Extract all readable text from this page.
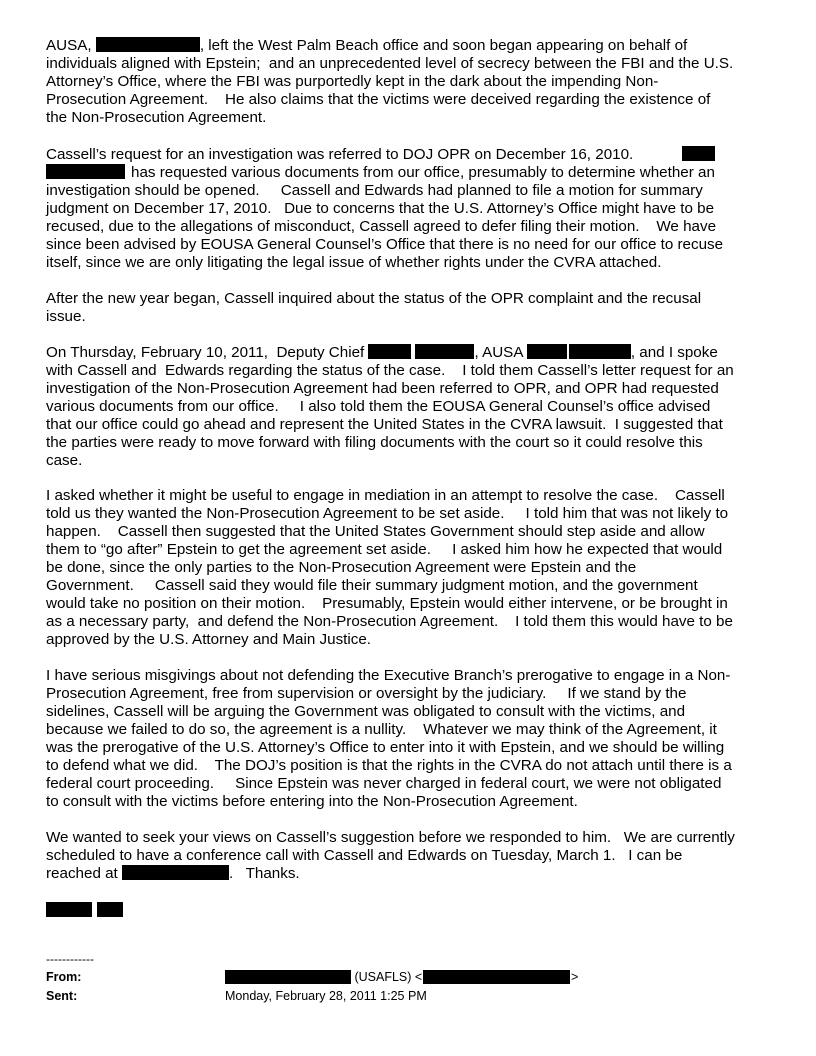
AUSA,	, left the West Palm Beach office and soon began appearing on behalf of
individuals aligned with Epstein;  and an unprecedented level of secrecy between the FBI and the U.S.
Attorney’s Office, where the FBI was purportedly kept in the dark about the impending Non-
Prosecution Agreement.    He also claims that the victims were deceived regarding the existence of
the Non-Prosecution Agreement.
Cassell’s request for an investigation was referred to DOJ OPR on December 16, 2010.
has requested various documents from our office, presumably to determine whether an
investigation should be opened.     Cassell and Edwards had planned to file a motion for summary
judgment on December 17, 2010.   Due to concerns that the U.S. Attorney’s Office might have to be
recused, due to the allegations of misconduct, Cassell agreed to defer filing their motion.    We have
since been advised by EOUSA General Counsel’s Office that there is no need for our office to recuse
itself, since we are only litigating the legal issue of whether rights under the CVRA attached.
After the new year began, Cassell inquired about the status of the OPR complaint and the recusal
issue.
On Thursday, February 10, 2011,  Deputy Chief	, AUSA	, and I spoke
with Cassell and  Edwards regarding the status of the case.    I told them Cassell’s letter request for an
investigation of the Non-Prosecution Agreement had been referred to OPR, and OPR had requested
various documents from our office.     I also told them the EOUSA General Counsel’s office advised
that our office could go ahead and represent the United States in the CVRA lawsuit.  I suggested that
the parties were ready to move forward with filing documents with the court so it could resolve this
case.
I asked whether it might be useful to engage in mediation in an attempt to resolve the case.    Cassell
told us they wanted the Non-Prosecution Agreement to be set aside.     I told him that was not likely to
happen.    Cassell then suggested that the United States Government should step aside and allow
them to “go after” Epstein to get the agreement set aside.     I asked him how he expected that would
be done, since the only parties to the Non-Prosecution Agreement were Epstein and the
Government.     Cassell said they would file their summary judgment motion, and the government
would take no position on their motion.    Presumably, Epstein would either intervene, or be brought in
as a necessary party,  and defend the Non-Prosecution Agreement.    I told them this would have to be
approved by the U.S. Attorney and Main Justice.
I have serious misgivings about not defending the Executive Branch’s prerogative to engage in a Non-
Prosecution Agreement, free from supervision or oversight by the judiciary.     If we stand by the
sidelines, Cassell will be arguing the Government was obligated to consult with the victims, and
because we failed to do so, the agreement is a nullity.    Whatever we may think of the Agreement, it
was the prerogative of the U.S. Attorney’s Office to enter into it with Epstein, and we should be willing
to defend what we did.    The DOJ’s position is that the rights in the CVRA do not attach until there is a
federal court proceeding.     Since Epstein was never charged in federal court, we were not obligated
to consult with the victims before entering into the Non-Prosecution Agreement.
We wanted to seek your views on Cassell’s suggestion before we responded to him.   We are currently
scheduled to have a conference call with Cassell and Edwards on Tuesday, March 1.   I can be
reached at	.   Thanks.
------------
From:	(USAFLS) <	>
Sent:	Monday, February 28, 2011 1:25 PM
